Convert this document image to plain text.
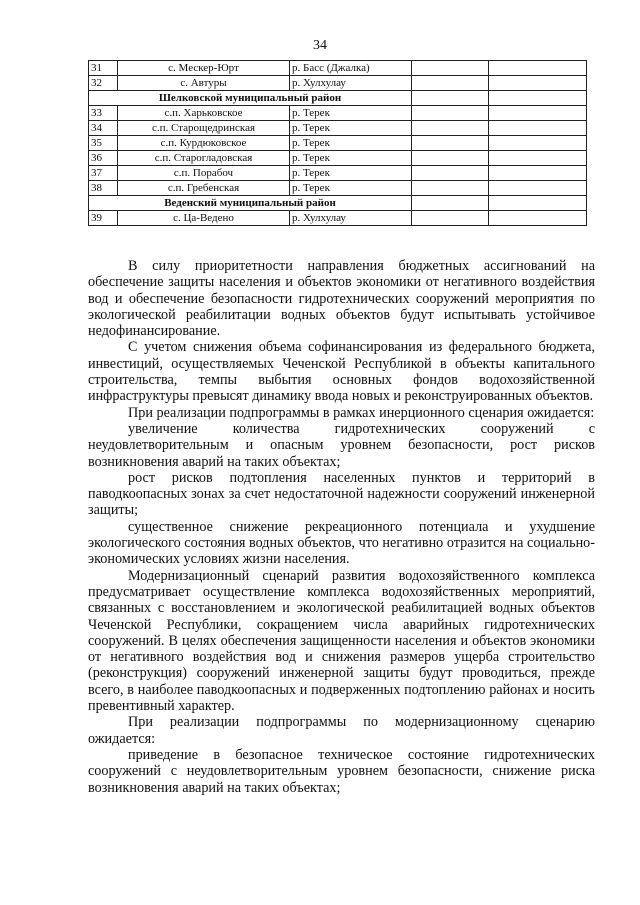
34
31	с. Мескер-Юрт	р. Басс (Джалка)		
32	с. Автуры	р. Хулхулау		
Шелковской муниципальный район				
33	с.п. Харьковское	р. Терек		
34	с.п. Старощедринская	р. Терек		
35	с.п. Курдюковское	р. Терек		
36	с.п. Старогладовская	р. Терек		
37	с.п. Порабоч	р. Терек		
38	с.п. Гребенская	р. Терек		
Веденский муниципальный район				
39	с. Ца-Ведено	р. Хулхулау		

В силу приоритетности направления бюджетных ассигнований на обеспечение защиты населения и объектов экономики от негативного воздействия вод и обеспечение безопасности гидротехнических сооружений мероприятия по экологической реабилитации водных объектов будут испытывать устойчивое недофинансирование.

С учетом снижения объема софинансирования из федерального бюджета, инвестиций, осуществляемых Чеченской Республикой в объекты капитального строительства, темпы выбытия основных фондов водохозяйственной инфраструктуры превысят динамику ввода новых и реконструированных объектов.

При реализации подпрограммы в рамках инерционного сценария ожидается:

увеличение количества гидротехнических сооружений с неудовлетворительным и опасным уровнем безопасности, рост рисков возникновения аварий на таких объектах;

рост рисков подтопления населенных пунктов и территорий в паводкоопасных зонах за счет недостаточной надежности сооружений инженерной защиты;

существенное снижение рекреационного потенциала и ухудшение экологического состояния водных объектов, что негативно отразится на социально-экономических условиях жизни населения.

Модернизационный сценарий развития водохозяйственного комплекса предусматривает осуществление комплекса водохозяйственных мероприятий, связанных с восстановлением и экологической реабилитацией водных объектов Чеченской Республики, сокращением числа аварийных гидротехнических сооружений. В целях обеспечения защищенности населения и объектов экономики от негативного воздействия вод и снижения размеров ущерба строительство (реконструкция) сооружений инженерной защиты будут проводиться, прежде всего, в наиболее паводкоопасных и подверженных подтоплению районах и носить превентивный характер.

При реализации подпрограммы по модернизационному сценарию ожидается:

приведение в безопасное техническое состояние гидротехнических сооружений с неудовлетворительным уровнем безопасности, снижение риска возникновения аварий на таких объектах;
